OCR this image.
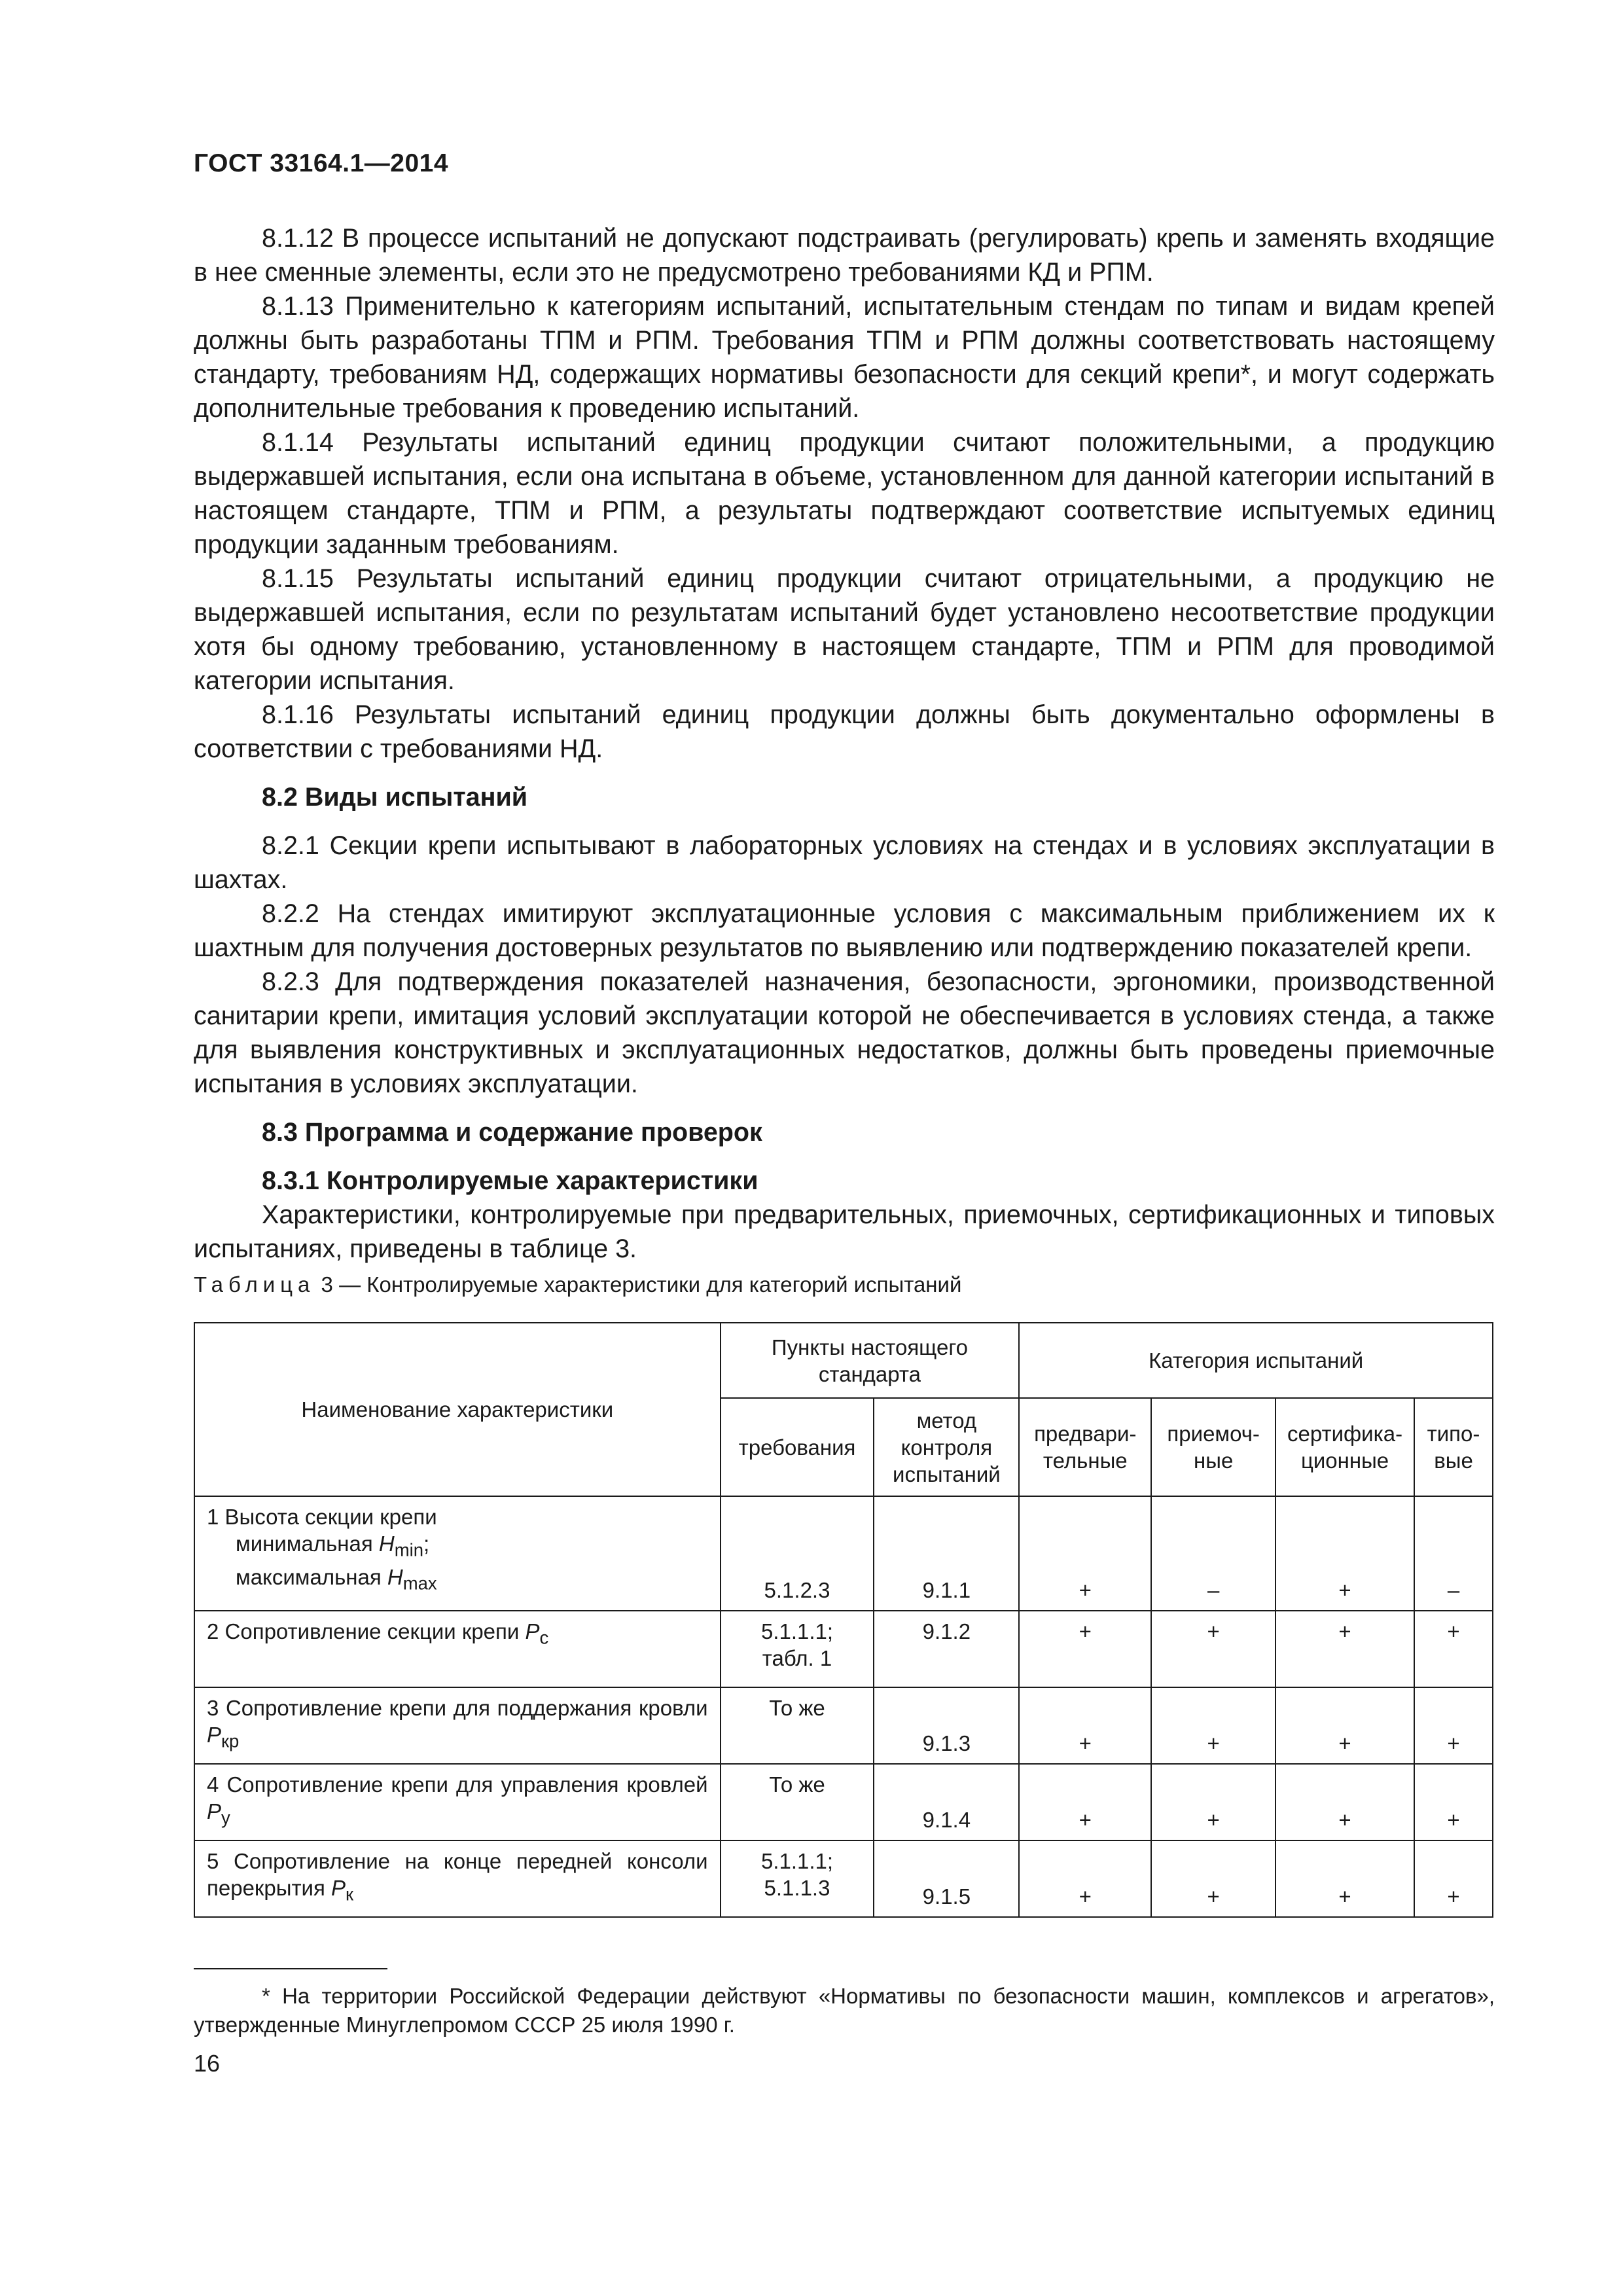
ГОСТ 33164.1—2014

8.1.12 В процессе испытаний не допускают подстраивать (регулировать) крепь и заменять входящие в нее сменные элементы, если это не предусмотрено требованиями КД и РПМ.

8.1.13 Применительно к категориям испытаний, испытательным стендам по типам и видам крепей должны быть разработаны ТПМ и РПМ. Требования ТПМ и РПМ должны соответствовать настоящему стандарту, требованиям НД, содержащих нормативы безопасности для секций крепи*, и могут содержать дополнительные требования к проведению испытаний.

8.1.14 Результаты испытаний единиц продукции считают положительными, а продукцию выдержавшей испытания, если она испытана в объеме, установленном для данной категории испытаний в настоящем стандарте, ТПМ и РПМ, а результаты подтверждают соответствие испытуемых единиц продукции заданным требованиям.

8.1.15 Результаты испытаний единиц продукции считают отрицательными, а продукцию не выдержавшей испытания, если по результатам испытаний будет установлено несоответствие продукции хотя бы одному требованию, установленному в настоящем стандарте, ТПМ и РПМ для проводимой категории испытания.

8.1.16 Результаты испытаний единиц продукции должны быть документально оформлены в соответствии с требованиями НД.

8.2 Виды испытаний

8.2.1 Секции крепи испытывают в лабораторных условиях на стендах и в условиях эксплуатации в шахтах.

8.2.2 На стендах имитируют эксплуатационные условия с максимальным приближением их к шахтным для получения достоверных результатов по выявлению или подтверждению показателей крепи.

8.2.3 Для подтверждения показателей назначения, безопасности, эргономики, производственной санитарии крепи, имитация условий эксплуатации которой не обеспечивается в условиях стенда, а также для выявления конструктивных и эксплуатационных недостатков, должны быть проведены приемочные испытания в условиях эксплуатации.

8.3 Программа и содержание проверок
8.3.1 Контролируемые характеристики

Характеристики, контролируемые при предварительных, приемочных, сертификационных и типовых испытаниях, приведены в таблице 3.

Таблица 3 — Контролируемые характеристики для категорий испытаний
Наименование характеристики	Пункты настоящего стандарта		Категория испытаний			
	требования	метод контроля испытаний	предвари-тельные	приемоч-ные	сертифика-ционные	типо-вые

1 Высота секции крепи
минимальная $H_{min}$;
максимальная $H_{max}$	5.1.2.3	9.1.1	+	–	+	–
2 Сопротивление секции крепи $P_c$	5.1.1.1;
табл. 1	9.1.2	+	+	+	+
3 Сопротивление крепи для поддержания кровли $P_{кр}$	То же	9.1.3	+	+	+	+
4 Сопротивление крепи для управления кровлей $P_у$	То же	9.1.4	+	+	+	+
5 Сопротивление на конце передней консоли перекрытия $P_к$	5.1.1.1;
5.1.1.3	9.1.5	+	+	+	+

* На территории Российской Федерации действуют «Нормативы по безопасности машин, комплексов и агрегатов», утвержденные Минуглепромом СССР 25 июля 1990 г.

16
